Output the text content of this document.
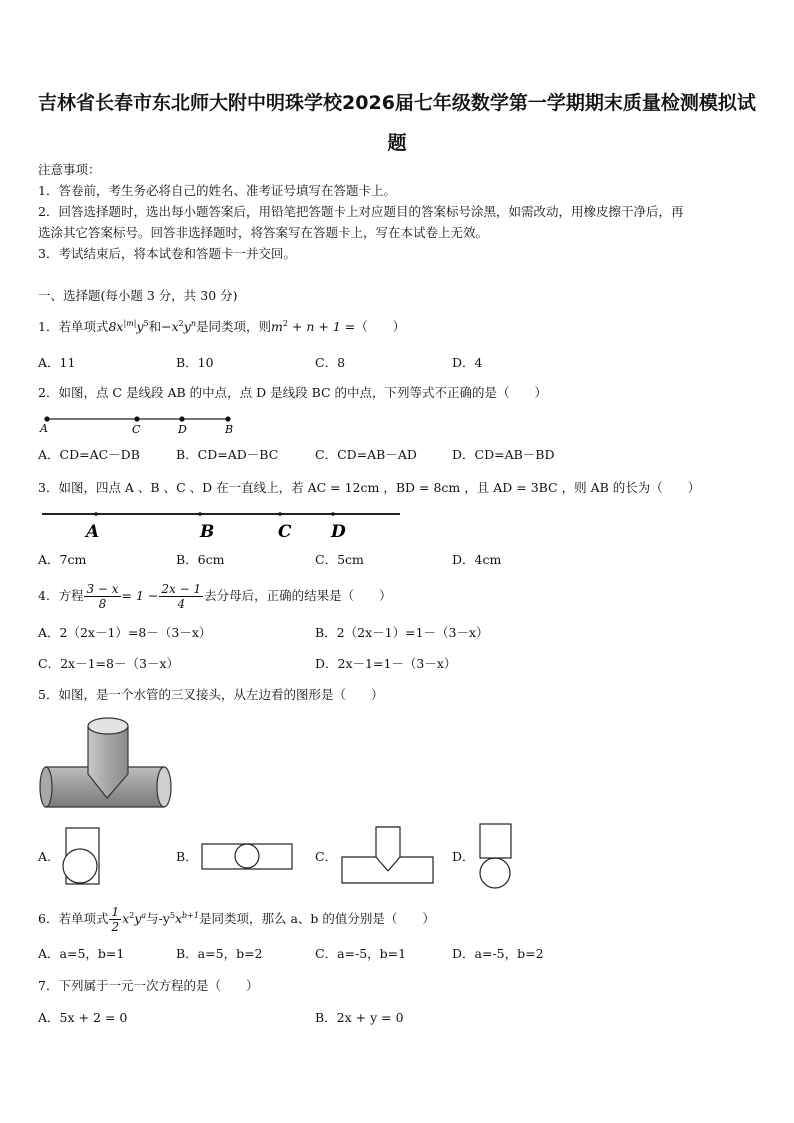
吉林省长春市东北师大附中明珠学校2026届七年级数学第一学期期末质量检测模拟试
题
注意事项：
1．答卷前，考生务必将自己的姓名、准考证号填写在答题卡上。
2．回答选择题时，选出每小题答案后，用铅笔把答题卡上对应题目的答案标号涂黑，如需改动，用橡皮擦干净后，再
选涂其它答案标号。回答非选择题时，将答案写在答题卡上，写在本试卷上无效。
3．考试结束后，将本试卷和答题卡一并交回。
一、选择题(每小题 3 分，共 30 分)
1．若单项式$8x^{|m|}y^5$和$-x^2y^n$是同类项，则$m^2 + n + 1$ =（　　）
A．11	B．10	C．8	D．4
2．如图，点 C 是线段 AB 的中点，点 D 是线段 BC 的中点，下列等式不正确的是（　　）
A	C	D	B
A．CD=AC－DB	B．CD=AD－BC	C．CD=AB－AD	D．CD=AB－BD
3．如图，四点 A 、B 、C 、D 在一直线上，若 AC = 12cm ，BD = 8cm ，且 AD = 3BC ，则 AB 的长为（　　）
A	B	C D
A．7cm	B．6cm	C．5cm	D．4cm
4．方程 $\frac{3 - x}{8} = 1 - \frac{2x - 1}{4}$ 去分母后，正确的结果是（　　）
A．2（2x－1）=8－（3－x）	B．2（2x－1）=1－（3－x）
C．2x－1=8－（3－x）	D．2x－1=1－（3－x）
5．如图，是一个水管的三叉接头，从左边看的图形是（　　）
A.	B．	C．	D．
6．若单项式 $\frac{1}{2} x^2y^a$与$-y^5x^{b+1}$是同类项，那么 a、b 的值分别是（　　）
A．a=5，b=1	B．a=5，b=2	C．a=-5，b=1	D．a=-5，b=2
7．下列属于一元一次方程的是（　　）
A．5x + 2 = 0	B．2x + y = 0
